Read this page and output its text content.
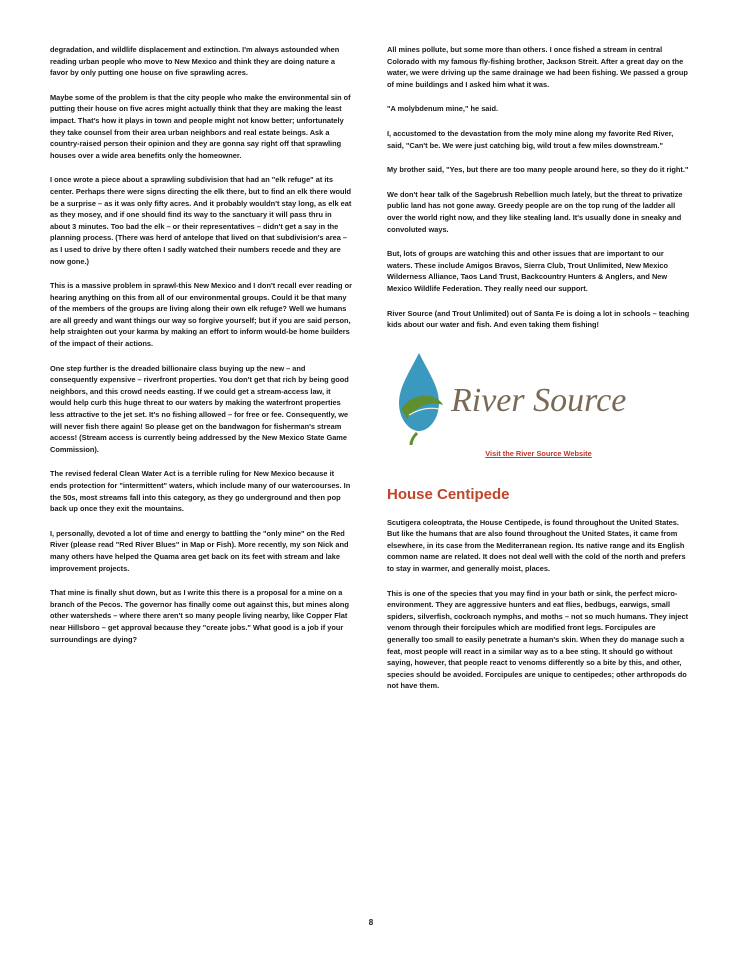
degradation, and wildlife displacement and extinction. I'm always astounded when reading urban people who move to New Mexico and think they are doing nature a favor by only putting one house on five sprawling acres.

Maybe some of the problem is that the city people who make the environmental sin of putting their house on five acres might actually think that they are making the least impact. That's how it plays in town and people might not know better; unfortunately they take counsel from their area urban neighbors and real estate beings. Ask a country-raised person their opinion and they are gonna say right off that sprawling houses over a wide area benefits only the homeowner.

I once wrote a piece about a sprawling subdivision that had an "elk refuge" at its center. Perhaps there were signs directing the elk there, but to find an elk there would be a surprise – as it was only fifty acres. And it probably wouldn't stay long, as elk eat as they mosey, and if one should find its way to the sanctuary it will pass thru in about 3 minutes. Too bad the elk – or their representatives – didn't get a say in the planning process. (There was herd of antelope that lived on that subdivision's area – as I used to drive by there often I sadly watched their numbers recede and they are now gone.)

This is a massive problem in sprawl-this New Mexico and I don't recall ever reading or hearing anything on this from all of our environmental groups. Could it be that many of the members of the groups are living along their own elk refuge? Well we humans are all greedy and want things our way so forgive yourself; but if you are said person, help straighten out your karma by making an effort to inform would-be home builders of the impact of their actions.

One step further is the dreaded billionaire class buying up the new – and consequently expensive – riverfront properties. You don't get that rich by being good neighbors, and this crowd needs easting. If we could get a stream-access law, it would help curb this huge threat to our waters by making the waterfront properties less attractive to the jet set. It's no fishing allowed – for free or fee. Consequently, we will never fish there again! So please get on the bandwagon for fisherman's stream access! (Stream access is currently being addressed by the New Mexico State Game Commission).

The revised federal Clean Water Act is a terrible ruling for New Mexico because it ends protection for "intermittent" waters, which include many of our watercourses. In the 50s, most streams fall into this category, as they go underground and then pop back up once they exit the mountains.

I, personally, devoted a lot of time and energy to battling the "only mine" on the Red River (please read "Red River Blues" in Map or Fish). More recently, my son Nick and many others have helped the Quama area get back on its feet with stream and lake improvement projects.

That mine is finally shut down, but as I write this there is a proposal for a mine on a branch of the Pecos. The governor has finally come out against this, but mines along other watersheds – where there aren't so many people living nearby, like Copper Flat near Hillsboro – get approval because they "create jobs." What good is a job if your surroundings are dying?

All mines pollute, but some more than others. I once fished a stream in central Colorado with my famous fly-fishing brother, Jackson Streit. After a great day on the water, we were driving up the same drainage we had been fishing. We passed a group of mine buildings and I asked him what it was.

"A molybdenum mine," he said.

I, accustomed to the devastation from the moly mine along my favorite Red River, said, "Can't be. We were just catching big, wild trout a few miles downstream."

My brother said, "Yes, but there are too many people around here, so they do it right."

We don't hear talk of the Sagebrush Rebellion much lately, but the threat to privatize public land has not gone away. Greedy people are on the top rung of the ladder all over the world right now, and they like stealing land. It's usually done in sneaky and convoluted ways.

But, lots of groups are watching this and other issues that are important to our waters. These include Amigos Bravos, Sierra Club, Trout Unlimited, New Mexico Wilderness Alliance, Taos Land Trust, Backcountry Hunters & Anglers, and New Mexico Wildlife Federation. They really need our support.

River Source (and Trout Unlimited) out of Santa Fe is doing a lot in schools – teaching kids about our water and fish. And even taking them fishing!

River Source
Visit the River Source Website
House Centipede

Scutigera coleoptrata, the House Centipede, is found throughout the United States. But like the humans that are also found throughout the United States, it came from elsewhere, in its case from the Mediterranean region. Its native range and its English common name are related. It does not deal well with the cold of the north and prefers to stay in warmer, and generally moist, places.

This is one of the species that you may find in your bath or sink, the perfect micro-environment. They are aggressive hunters and eat flies, bedbugs, earwigs, small spiders, silverfish, cockroach nymphs, and moths – not so much humans. They inject venom through their forcipules which are modified front legs. Forcipules are generally too small to easily penetrate a human's skin. When they do manage such a feat, most people will react in a similar way as to a bee sting. It should go without saying, however, that people react to venoms differently so a bite by this, and other, species should be avoided. Forcipules are unique to centipedes; other arthropods do not have them.

8
